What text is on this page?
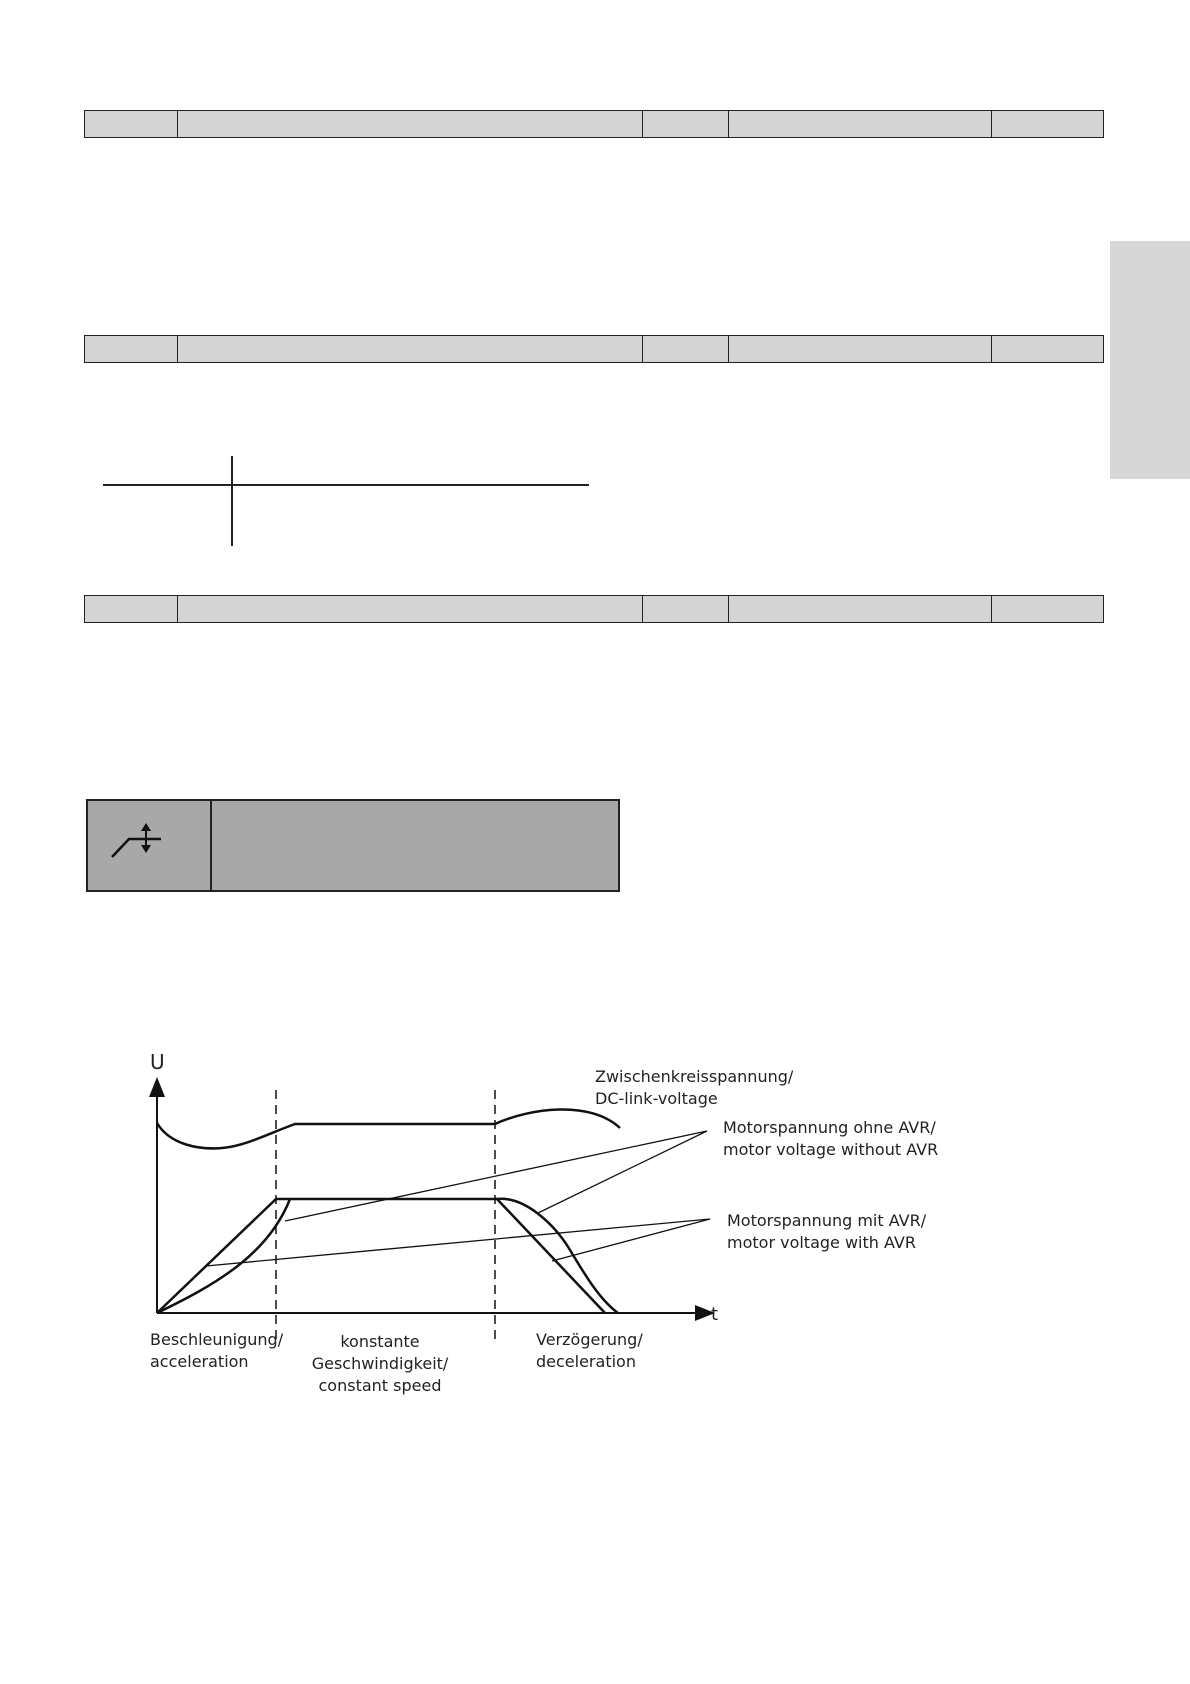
U
t
Zwischenkreisspannung/
DC-link-voltage
Motorspannung ohne AVR/
motor voltage without AVR
Motorspannung mit AVR/
motor voltage with AVR
Beschleunigung/
acceleration
konstante
Geschwindigkeit/
constant speed
Verzögerung/
deceleration
